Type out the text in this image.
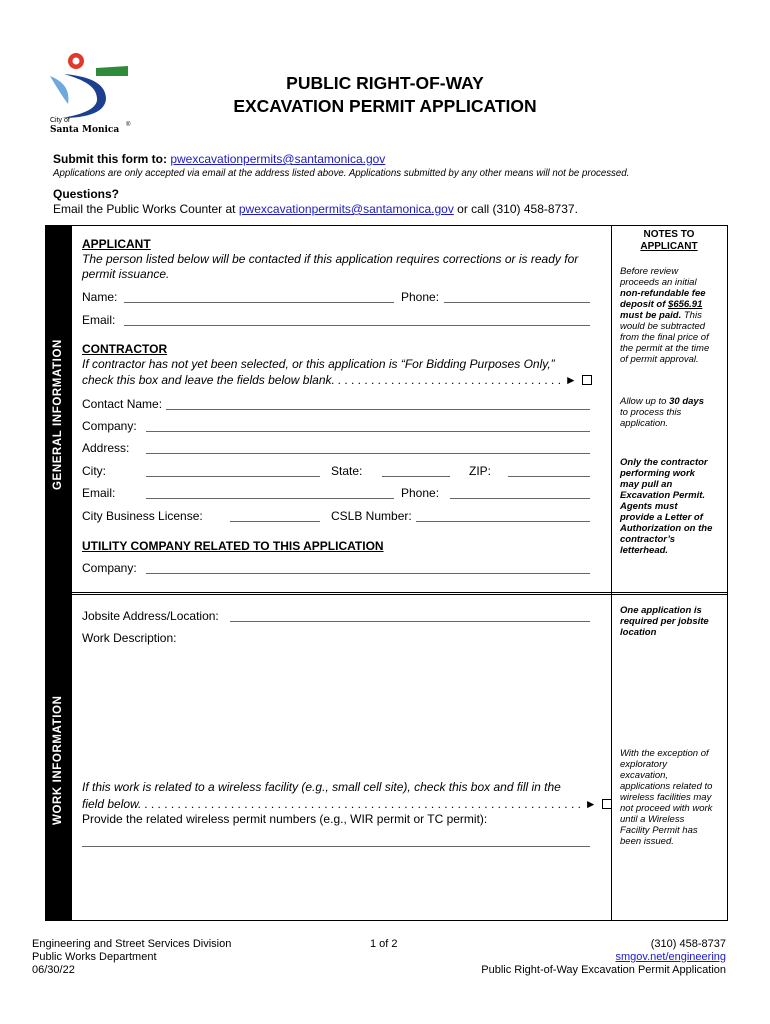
City of
Santa Monica ®
PUBLIC RIGHT-OF-WAY
EXCAVATION PERMIT APPLICATION
Submit this form to: pwexcavationpermits@santamonica.gov
Applications are only accepted via email at the address listed above. Applications submitted by any other means will not be processed.
Questions?
Email the Public Works Counter at pwexcavationpermits@santamonica.gov or call (310) 458-8737.
GENERAL INFORMATION
WORK INFORMATION
APPLICANT
The person listed below will be contacted if this application requires corrections or is ready for permit issuance.
Name:	Phone:
Email:
CONTRACTOR
If contractor has not yet been selected, or this application is “For Bidding Purposes Only,”
check this box and leave the fields below blank. . . . . . . . . . . . . . . . . . . . . . . . . . . . . . . . . . . ►
Contact Name:
Company:
Address:
City:	State:	ZIP:
Email:	Phone:
City Business License:	CSLB Number:
UTILITY COMPANY RELATED TO THIS APPLICATION
Company:
Jobsite Address/Location:
Work Description:
If this work is related to a wireless facility (e.g., small cell site), check this box and fill in the
field below. . . . . . . . . . . . . . . . . . . . . . . . . . . . . . . . . . . . . . . . . . . . . . . . . . . . . . . . . . . . . . . . . . . ►
Provide the related wireless permit numbers (e.g., WIR permit or TC permit):
NOTES TO
APPLICANT
Before review
proceeds an initial
non-refundable fee
deposit of $656.91
must be paid. This
would be subtracted
from the final price of
the permit at the time
of permit approval.
Allow up to 30 days
to process this
application.
Only the contractor
performing work
may pull an
Excavation Permit.
Agents must
provide a Letter of
Authorization on the
contractor’s
letterhead.
One application is
required per jobsite
location
With the exception of
exploratory
excavation,
applications related to
wireless facilities may
not proceed with work
until a Wireless
Facility Permit has
been issued.
Engineering and Street Services Division
Public Works Department
06/30/22
1 of 2	(310) 458-8737
smgov.net/engineering
Public Right-of-Way Excavation Permit Application
